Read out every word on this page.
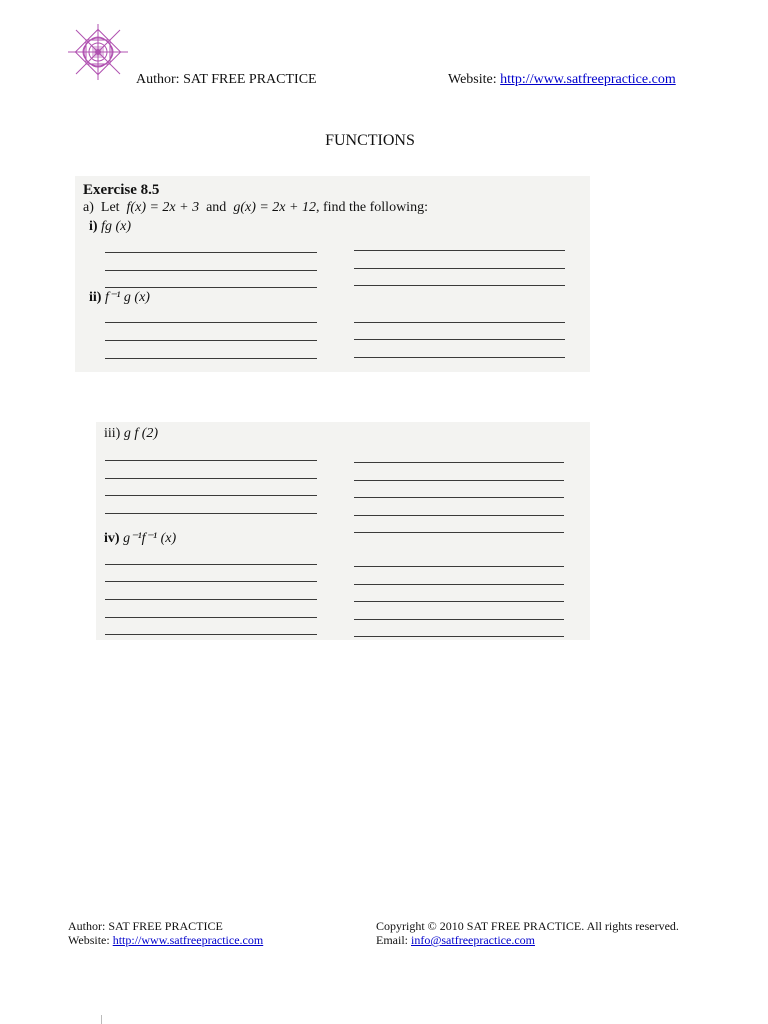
Author: SAT FREE PRACTICE	Website: http://www.satfreepractice.com
FUNCTIONS
Exercise 8.5
a) Let f(x) = 2x + 3 and g(x) = 2x + 12, find the following:
i) fg (x)
ii) f⁻¹ g (x)
iii) g f (2)
iv) g⁻¹f⁻¹ (x)
Author: SAT FREE PRACTICE
Website: http://www.satfreepractice.com
Copyright © 2010 SAT FREE PRACTICE. All rights reserved.
Email: info@satfreepractice.com
